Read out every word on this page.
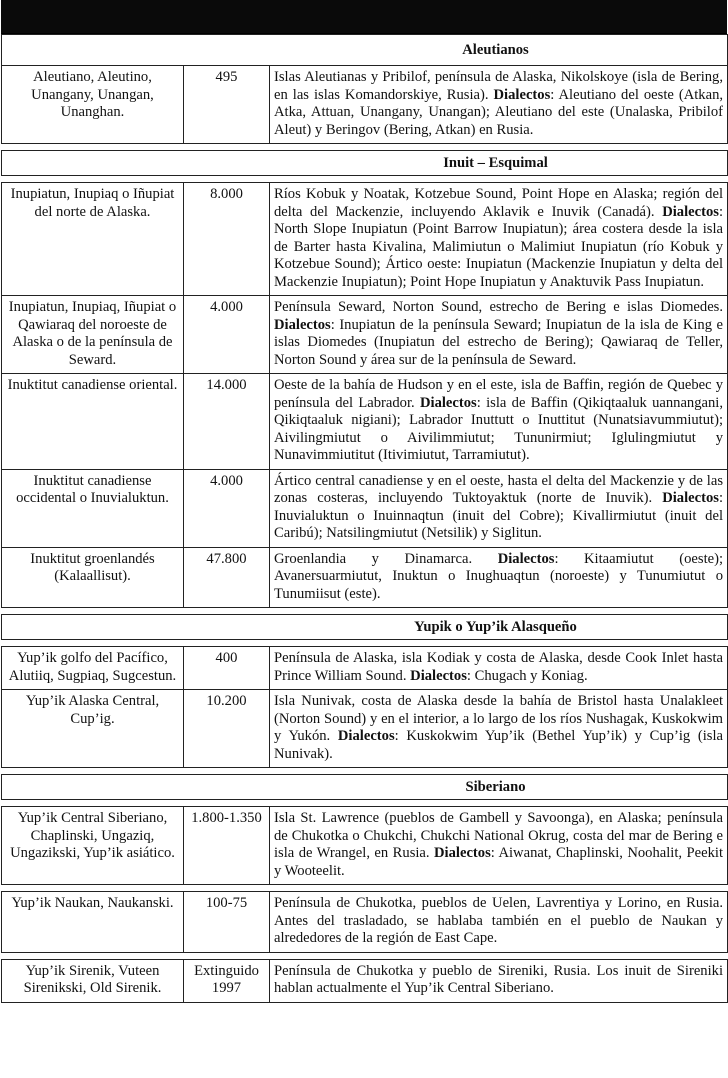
Aleutianos		
Aleutiano, Aleutino, Unangany, Unangan, Unanghan.	495	Islas Aleutianas y Pribilof, península de Alaska, Nikolskoye (isla de Bering, en las islas Komandorskiye, Rusia). Dialectos: Aleutiano del oeste (Atkan, Atka, Attuan, Unangany, Unangan); Aleutiano del este (Unalaska, Pribilof Aleut) y Beringov (Bering, Atkan) en Rusia.

Inuit – Esquimal		

Inupiatun, Inupiaq o Iñupiat del norte de Alaska.	8.000	Ríos Kobuk y Noatak, Kotzebue Sound, Point Hope en Alaska; región del delta del Mackenzie, incluyendo Aklavik e Inuvik (Canadá). Dialectos: North Slope Inupiatun (Point Barrow Inupiatun); área costera desde la isla de Barter hasta Kivalina, Malimiutun o Malimiut Inupiatun (río Kobuk y Kotzebue Sound); Ártico oeste: Inupiatun (Mackenzie Inupiatun y delta del Mackenzie Inupiatun); Point Hope Inupiatun y Anaktuvik Pass Inupiatun.
Inupiatun, Inupiaq, Iñupiat o Qawiaraq del noroeste de Alaska o de la península de Seward.	4.000	Península Seward, Norton Sound, estrecho de Bering e islas Diomedes. Dialectos: Inupiatun de la península Seward; Inupiatun de la isla de King e islas Diomedes (Inupiatun del estrecho de Bering); Qawiaraq de Teller, Norton Sound y área sur de la península de Seward.
Inuktitut canadiense oriental.	14.000	Oeste de la bahía de Hudson y en el este, isla de Baffin, región de Quebec y península del Labrador. Dialectos: isla de Baffin (Qikiqtaaluk uannangani, Qikiqtaaluk nigiani); Labrador Inuttutt o Inuttitut (Nunatsiavummiutut); Aivilingmiutut o Aivilimmiutut; Tununirmiut; Iglulingmiutut y Nunavimmiutitut (Itivimiutut, Tarramiutut).
Inuktitut canadiense occidental o Inuvialuktun.	4.000	Ártico central canadiense y en el oeste, hasta el delta del Mackenzie y de las zonas costeras, incluyendo Tuktoyaktuk (norte de Inuvik). Dialectos: Inuvialuktun o Inuinnaqtun (inuit del Cobre); Kivallirmiutut (inuit del Caribú); Natsilingmiutut (Netsilik) y Siglitun.
Inuktitut groenlandés (Kalaallisut).	47.800	Groenlandia y Dinamarca. Dialectos: Kitaamiutut (oeste); Avanersuarmiutut, Inuktun o Inughuaqtun (noroeste) y Tunumiutut o Tunumiisut (este).

Yupik o Yup’ik Alasqueño		

Yup’ik golfo del Pacífico, Alutiiq, Sugpiaq, Sugcestun.	400	Península de Alaska, isla Kodiak y costa de Alaska, desde Cook Inlet hasta Prince William Sound. Dialectos: Chugach y Koniag.
Yup’ik Alaska Central, Cup’ig.	10.200	Isla Nunivak, costa de Alaska desde la bahía de Bristol hasta Unalakleet (Norton Sound) y en el interior, a lo largo de los ríos Nushagak, Kuskokwim y Yukón. Dialectos: Kuskokwim Yup’ik (Bethel Yup’ik) y Cup’ig (isla Nunivak).

Siberiano		

Yup’ik Central Siberiano, Chaplinski, Ungaziq, Ungazikski, Yup’ik asiático.	1.800-1.350	Isla St. Lawrence (pueblos de Gambell y Savoonga), en Alaska; península de Chukotka o Chukchi, Chukchi National Okrug, costa del mar de Bering e isla de Wrangel, en Rusia. Dialectos: Aiwanat, Chaplinski, Noohalit, Peekit y Wooteelit.

Yup’ik Naukan, Naukanski.	100-75	Península de Chukotka, pueblos de Uelen, Lavrentiya y Lorino, en Rusia. Antes del trasladado, se hablaba también en el pueblo de Naukan y alrededores de la región de East Cape.

Yup’ik Sirenik, Vuteen Sirenikski, Old Sirenik.	Extinguido 1997	Península de Chukotka y pueblo de Sireniki, Rusia. Los inuit de Sireniki hablan actualmente el Yup’ik Central Siberiano.
